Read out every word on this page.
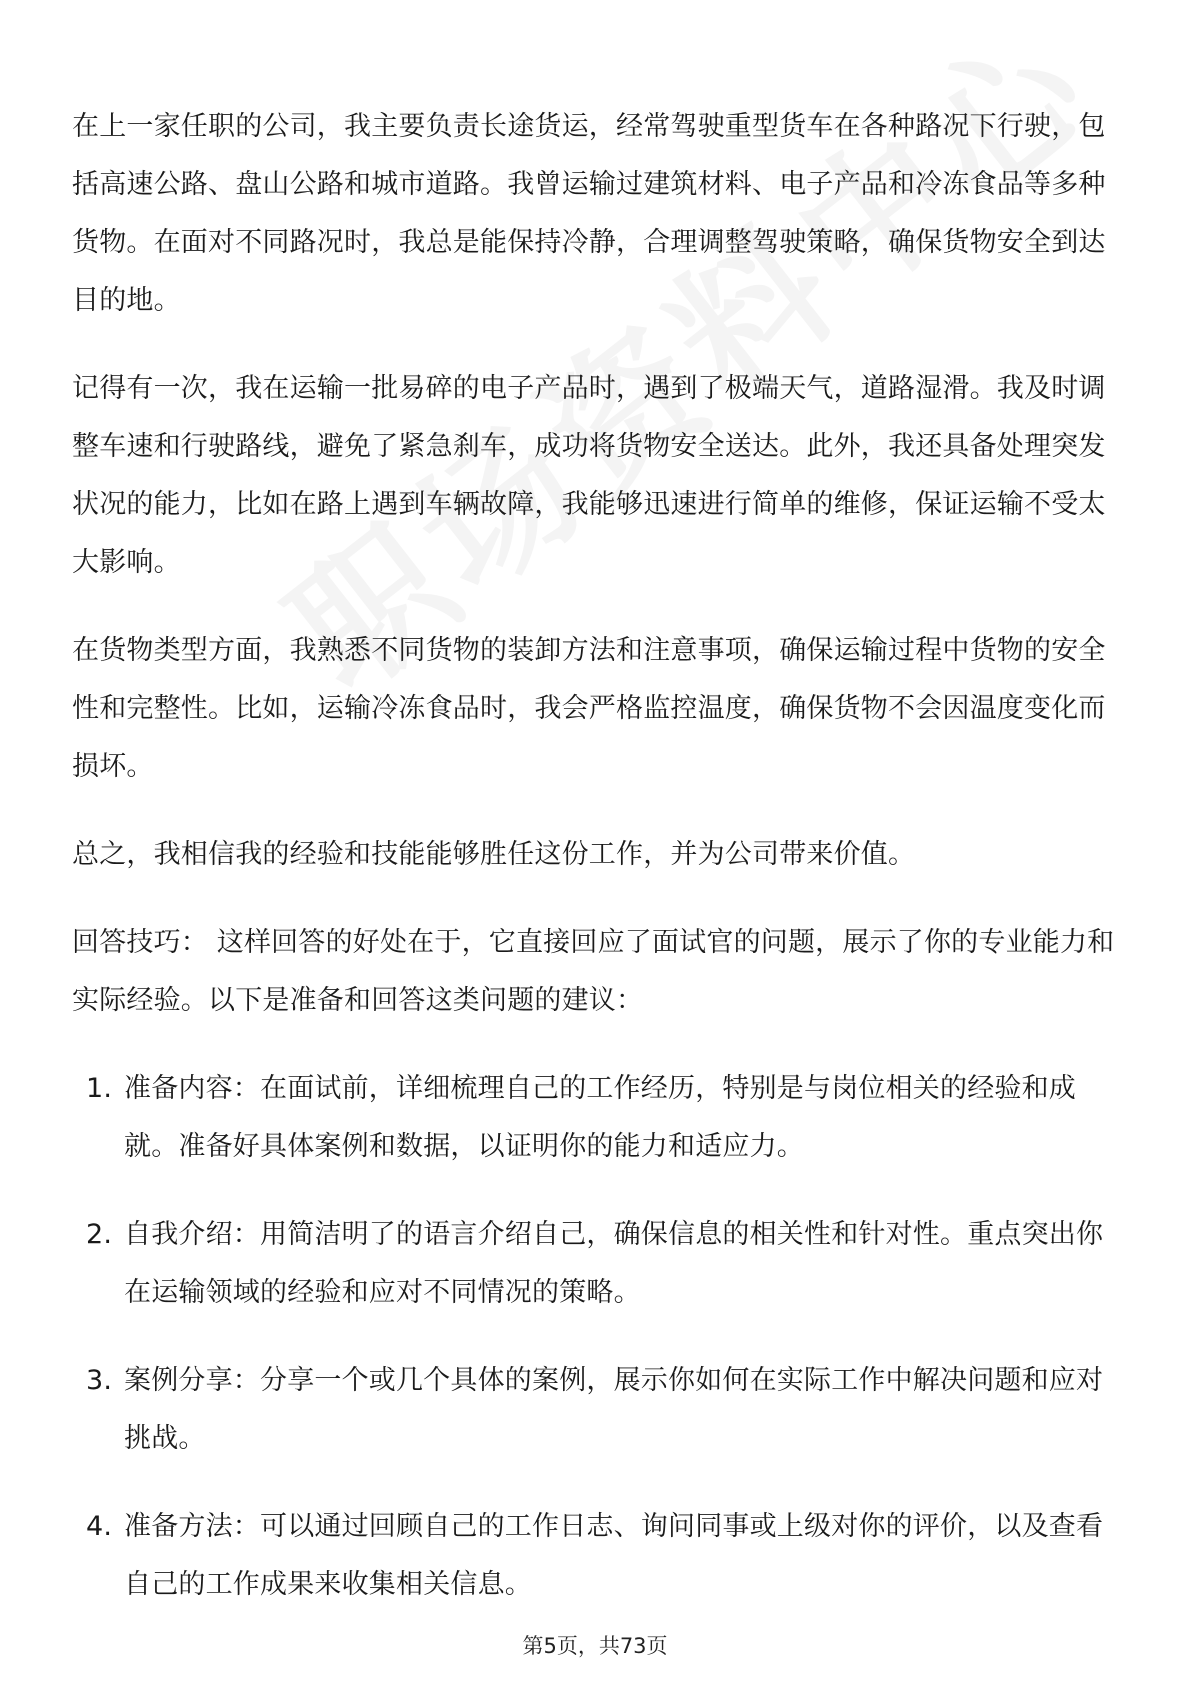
在上一家任职的公司，我主要负责长途货运，经常驾驶重型货车在各种路况下行驶，包括高速公路、盘山公路和城市道路。我曾运输过建筑材料、电子产品和冷冻食品等多种货物。在面对不同路况时，我总是能保持冷静，合理调整驾驶策略，确保货物安全到达目的地。

记得有一次，我在运输一批易碎的电子产品时，遇到了极端天气，道路湿滑。我及时调整车速和行驶路线，避免了紧急刹车，成功将货物安全送达。此外，我还具备处理突发状况的能力，比如在路上遇到车辆故障，我能够迅速进行简单的维修，保证运输不受太大影响。

在货物类型方面，我熟悉不同货物的装卸方法和注意事项，确保运输过程中货物的安全性和完整性。比如，运输冷冻食品时，我会严格监控温度，确保货物不会因温度变化而损坏。

总之，我相信我的经验和技能能够胜任这份工作，并为公司带来价值。

回答技巧： 这样回答的好处在于，它直接回应了面试官的问题，展示了你的专业能力和实际经验。以下是准备和回答这类问题的建议：

1. 准备内容：在面试前，详细梳理自己的工作经历，特别是与岗位相关的经验和成就。准备好具体案例和数据，以证明你的能力和适应力。
2. 自我介绍：用简洁明了的语言介绍自己，确保信息的相关性和针对性。重点突出你在运输领域的经验和应对不同情况的策略。
3. 案例分享：分享一个或几个具体的案例，展示你如何在实际工作中解决问题和应对挑战。
4. 准备方法：可以通过回顾自己的工作日志、询问同事或上级对你的评价，以及查看自己的工作成果来收集相关信息。
第5页，共73页
